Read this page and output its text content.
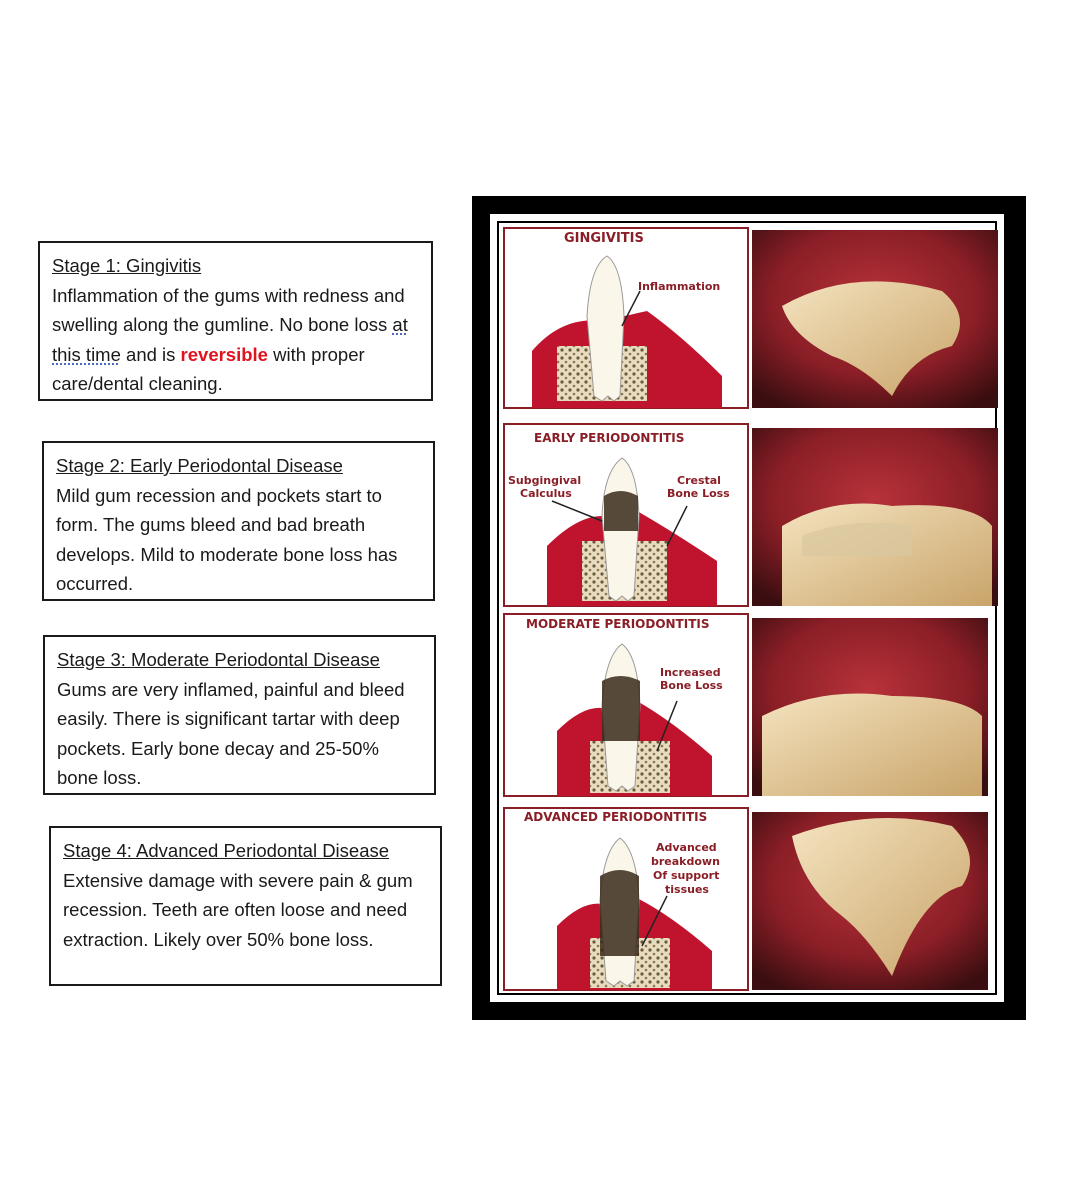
Stage 1: Gingivitis
Inflammation of the gums with redness and swelling along the gumline. No bone loss at this time and is reversible with proper care/dental cleaning.
Stage 2: Early Periodontal Disease
Mild gum recession and pockets start to form. The gums bleed and bad breath develops. Mild to moderate bone loss has occurred.
Stage 3: Moderate Periodontal Disease
Gums are very inflamed, painful and bleed easily. There is significant tartar with deep pockets. Early bone decay and 25-50% bone loss.
Stage 4: Advanced Periodontal Disease
Extensive damage with severe pain & gum recession. Teeth are often loose and need extraction. Likely over 50% bone loss.
GINGIVITIS
Inflammation
EARLY PERIODONTITIS
Subgingival
Calculus
Crestal
Bone Loss
MODERATE PERIODONTITIS
Increased
Bone Loss
ADVANCED PERIODONTITIS
Advanced
breakdown
Of support
tissues
